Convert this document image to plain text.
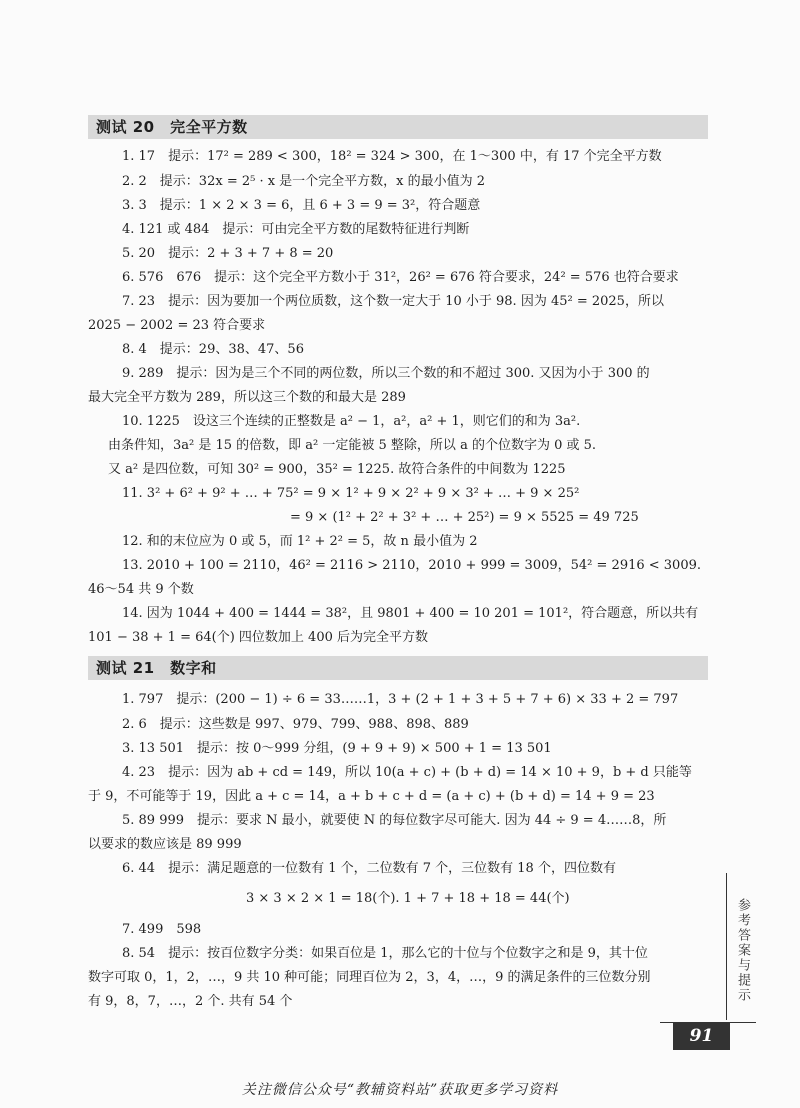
测试 20　完全平方数
1. 17　提示：17² = 289 < 300，18² = 324 > 300，在 1～300 中，有 17 个完全平方数
2. 2　提示：32x = 2⁵ · x 是一个完全平方数，x 的最小值为 2
3. 3　提示：1 × 2 × 3 = 6，且 6 + 3 = 9 = 3²，符合题意
4. 121 或 484　提示：可由完全平方数的尾数特征进行判断
5. 20　提示：2 + 3 + 7 + 8 = 20
6. 576　676　提示：这个完全平方数小于 31²，26² = 676 符合要求，24² = 576 也符合要求
7. 23　提示：因为要加一个两位质数，这个数一定大于 10 小于 98. 因为 45² = 2025，所以
2025 − 2002 = 23 符合要求
8. 4　提示：29、38、47、56
9. 289　提示：因为是三个不同的两位数，所以三个数的和不超过 300. 又因为小于 300 的
最大完全平方数为 289，所以这三个数的和最大是 289
10. 1225　设这三个连续的正整数是 a² − 1，a²，a² + 1，则它们的和为 3a².
由条件知，3a² 是 15 的倍数，即 a² 一定能被 5 整除，所以 a 的个位数字为 0 或 5.
又 a² 是四位数，可知 30² = 900，35² = 1225. 故符合条件的中间数为 1225
11. 3² + 6² + 9² + … + 75² = 9 × 1² + 9 × 2² + 9 × 3² + … + 9 × 25²
= 9 × (1² + 2² + 3² + … + 25²) = 9 × 5525 = 49 725
12. 和的末位应为 0 或 5，而 1² + 2² = 5，故 n 最小值为 2
13. 2010 + 100 = 2110，46² = 2116 > 2110，2010 + 999 = 3009，54² = 2916 < 3009.
46～54 共 9 个数
14. 因为 1044 + 400 = 1444 = 38²，且 9801 + 400 = 10 201 = 101²，符合题意，所以共有
101 − 38 + 1 = 64(个) 四位数加上 400 后为完全平方数
测试 21　数字和
1. 797　提示：(200 − 1) ÷ 6 = 33……1，3 + (2 + 1 + 3 + 5 + 7 + 6) × 33 + 2 = 797
2. 6　提示：这些数是 997、979、799、988、898、889
3. 13 501　提示：按 0～999 分组，(9 + 9 + 9) × 500 + 1 = 13 501
4. 23　提示：因为 ab + cd = 149，所以 10(a + c) + (b + d) = 14 × 10 + 9，b + d 只能等
于 9，不可能等于 19，因此 a + c = 14，a + b + c + d = (a + c) + (b + d) = 14 + 9 = 23
5. 89 999　提示：要求 N 最小，就要使 N 的每位数字尽可能大. 因为 44 ÷ 9 = 4……8，所
以要求的数应该是 89 999
6. 44　提示：满足题意的一位数有 1 个，二位数有 7 个，三位数有 18 个，四位数有
3 × 3 × 2 × 1 = 18(个). 1 + 7 + 18 + 18 = 44(个)
7. 499　598
8. 54　提示：按百位数字分类：如果百位是 1，那么它的十位与个位数字之和是 9，其十位
数字可取 0，1，2，…，9 共 10 种可能；同理百位为 2，3，4，…，9 的满足条件的三位数分别
有 9，8，7，…，2 个. 共有 54 个	参考答案与提示
91
关注微信公众号“教辅资料站”获取更多学习资料
